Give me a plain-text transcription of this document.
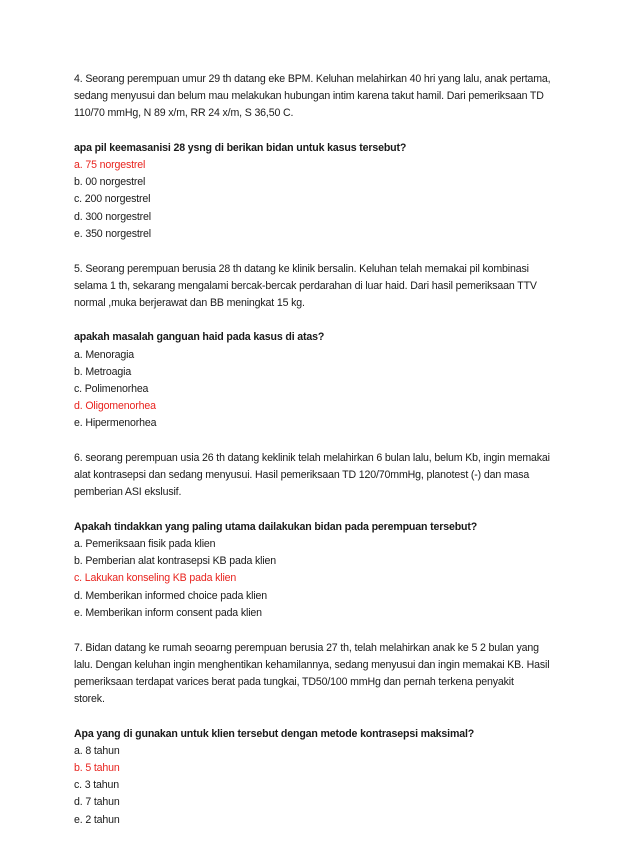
4. Seorang perempuan umur 29 th datang eke BPM. Keluhan melahirkan 40 hri yang lalu, anak pertama,
sedang menyusui dan belum mau melakukan hubungan intim karena takut hamil. Dari pemeriksaan TD
110/70 mmHg, N 89 x/m, RR 24 x/m, S 36,50 C.
apa pil keemasanisi 28 ysng di berikan bidan untuk kasus tersebut?
a. 75 norgestrel
b. 00 norgestrel
c. 200 norgestrel
d. 300 norgestrel
e. 350 norgestrel
5. Seorang perempuan berusia 28 th datang ke klinik bersalin. Keluhan telah memakai pil kombinasi
selama 1 th, sekarang mengalami bercak-bercak perdarahan di luar haid. Dari hasil pemeriksaan TTV
normal ,muka berjerawat dan BB meningkat 15 kg.
apakah masalah ganguan haid pada kasus di atas?
a. Menoragia
b. Metroagia
c. Polimenorhea
d. Oligomenorhea
e. Hipermenorhea
6. seorang perempuan usia 26 th datang keklinik telah melahirkan 6 bulan lalu, belum Kb, ingin memakai
alat kontrasepsi dan sedang menyusui. Hasil pemeriksaan TD 120/70mmHg, planotest (-) dan masa
pemberian ASI ekslusif.
Apakah tindakkan yang paling utama dailakukan bidan pada perempuan tersebut?
a. Pemeriksaan fisik pada klien
b. Pemberian alat kontrasepsi KB pada klien
c. Lakukan konseling KB pada klien
d. Memberikan informed choice pada klien
e. Memberikan inform consent pada klien
7. Bidan datang ke rumah seoarng perempuan berusia 27 th, telah melahirkan anak ke 5 2 bulan yang
lalu. Dengan keluhan ingin menghentikan kehamilannya, sedang menyusui dan ingin memakai KB. Hasil
pemeriksaan terdapat varices berat pada tungkai, TD50/100 mmHg dan pernah terkena penyakit
storek.
Apa yang di gunakan untuk klien tersebut dengan metode kontrasepsi maksimal?
a. 8 tahun
b. 5 tahun
c. 3 tahun
d. 7 tahun
e. 2 tahun
